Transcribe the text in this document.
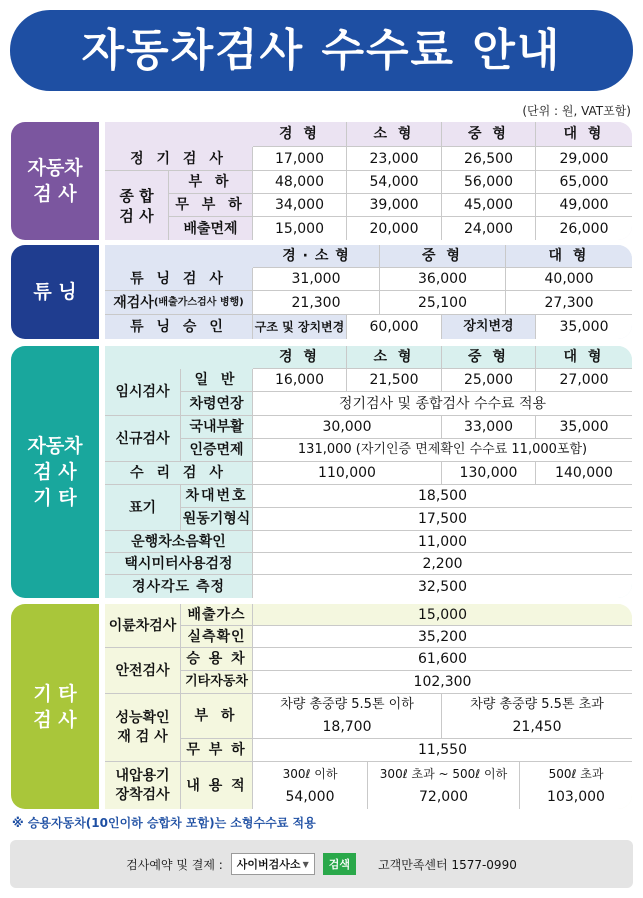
자동차검사 수수료 안내
(단위 : 원, VAT포함)
자동차
검 사
경 형	소 형	중 형	대 형
정 기 검 사	17,000	23,000	26,500	29,000
종 합
검 사
부 하	48,000	54,000	56,000	65,000
무 부 하	34,000	39,000	45,000	49,000
배출면제	15,000	20,000	24,000	26,000
튜 닝
경 · 소 형	중 형	대 형
튜 닝 검 사	31,000	36,000	40,000
재검사 (배출가스검사 병행)	21,300	25,100	27,300
튜 닝 승 인	구조 및 장치변경	60,000	장치변경	35,000
자동차
검 사
기 타
경 형	소 형	중 형	대 형
임시검사
일 반	16,000	21,500	25,000	27,000
차령연장	정기검사 및 종합검사 수수료 적용
신규검사
국내부활	30,000	33,000	35,000
인증면제	131,000 (자기인증 면제확인 수수료 11,000포함)
수 리 검 사	110,000	130,000	140,000
표기
차대번호	18,500
원동기형식	17,500
운행차소음확인	11,000
택시미터사용검정	2,200
경사각도 측정	32,500
기 타
검 사
이륜차검사
배출가스	15,000
실측확인	35,200
안전검사
승 용 차	61,600
기타자동차	102,300
성능확인
재 검 사
부 하
차량 총중량 5.5톤 이하	차량 총중량 5.5톤 초과
18,700	21,450
무 부 하	11,550
내압용기
장착검사
내 용 적
300ℓ 이하	300ℓ 초과 ~ 500ℓ 이하	500ℓ 초과
54,000	72,000	103,000
※ 승용자동차(10인이하 승합차 포함)는 소형수수료 적용
검사예약 및 결제 : 사이버검사소 ▼	검색	고객만족센터 1577-0990
